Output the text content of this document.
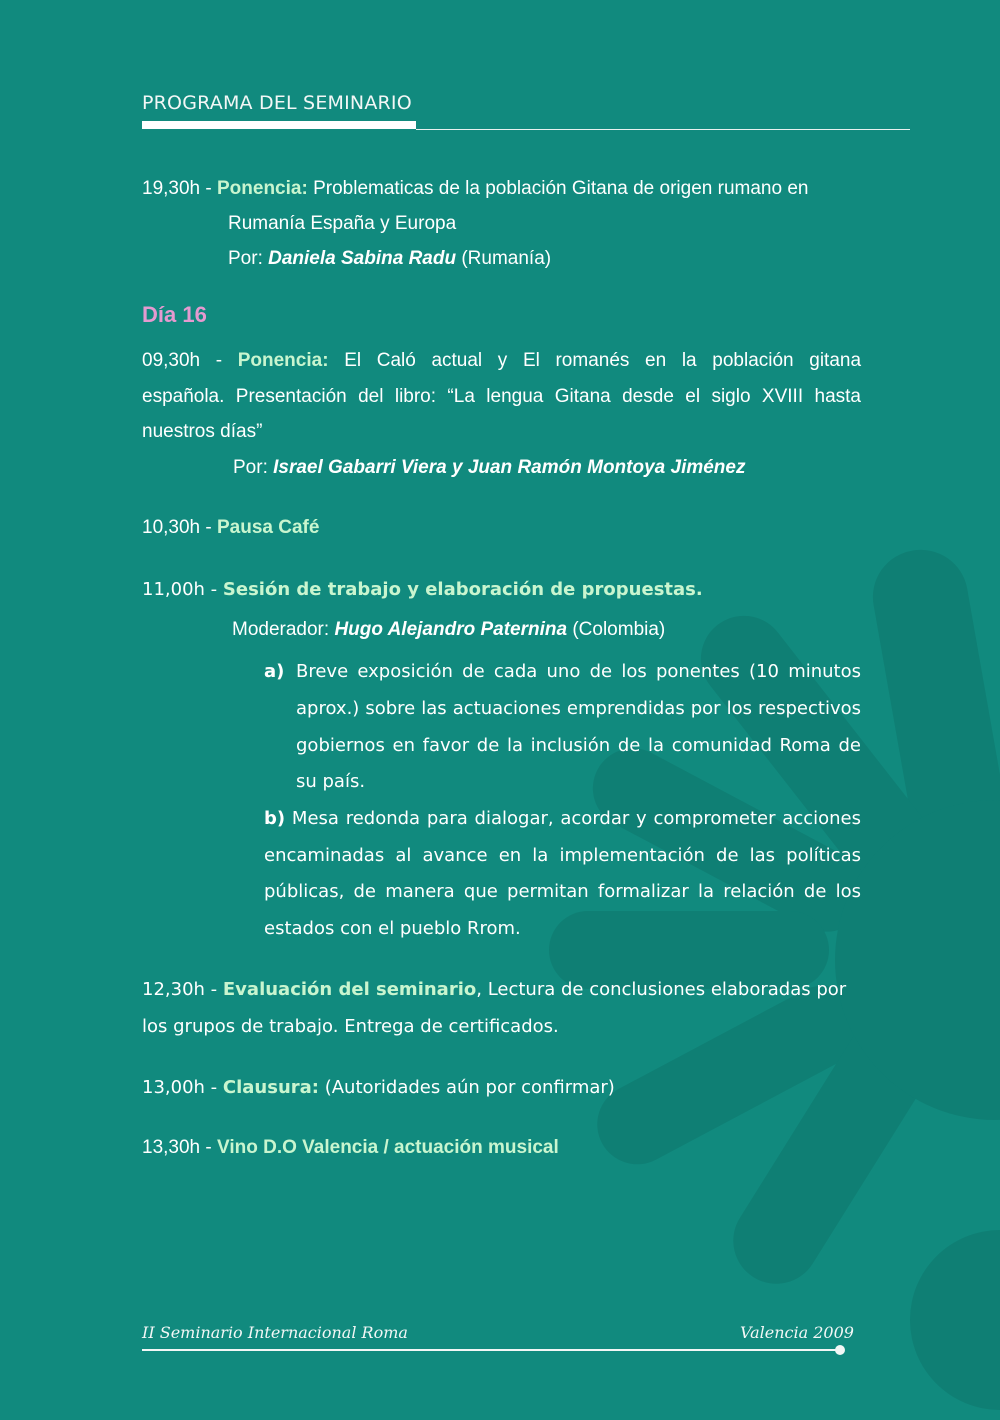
PROGRAMA DEL SEMINARIO
19,30h - Ponencia: Problematicas de la población Gitana de origen rumano en
Rumanía España y Europa
Por: Daniela Sabina Radu (Rumanía)
Día 16
09,30h - Ponencia: El Caló actual y El romanés en la población gitana
española. Presentación del libro: “La lengua Gitana desde el siglo XVIII hasta
nuestros días”
Por: Israel Gabarri Viera y Juan Ramón Montoya Jiménez
10,30h - Pausa Café
11,00h - Sesión de trabajo y elaboración de propuestas.
Moderador: Hugo Alejandro Paternina (Colombia)
a) Breve exposición de cada uno de los ponentes (10 minutos
aprox.) sobre las actuaciones emprendidas por los respectivos
gobiernos en favor de la inclusión de la comunidad Roma de
su país.
b) Mesa redonda para dialogar, acordar y comprometer acciones
encaminadas al avance en la implementación de las políticas
públicas, de manera que permitan formalizar la relación de los
estados con el pueblo Rrom.
12,30h - Evaluación del seminario, Lectura de conclusiones elaboradas por
los grupos de trabajo. Entrega de certificados.
13,00h - Clausura: (Autoridades aún por confirmar)
13,30h - Vino D.O Valencia / actuación musical
II Seminario Internacional Roma	Valencia 2009
